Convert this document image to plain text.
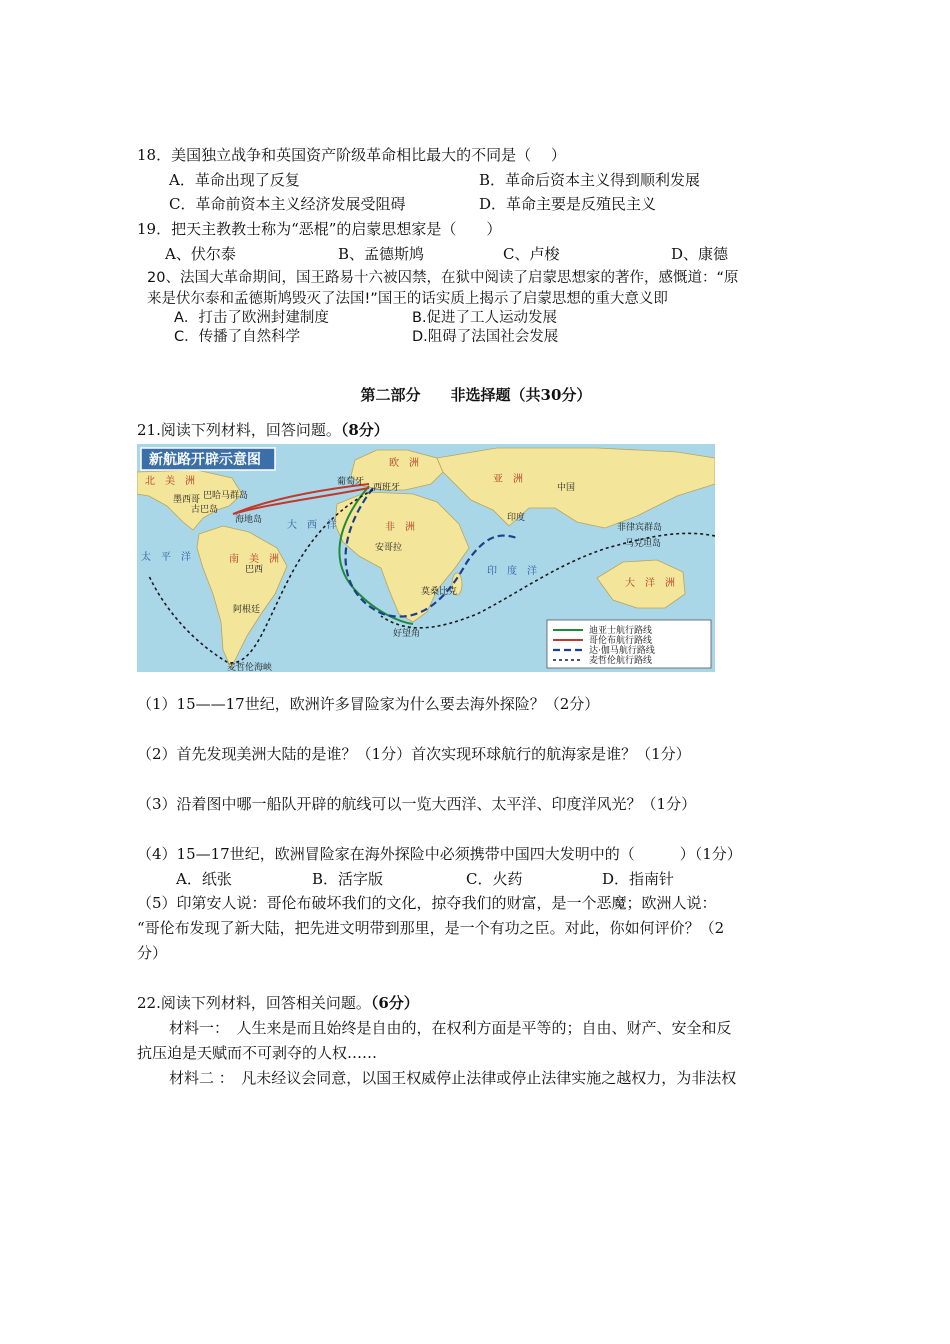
18．美国独立战争和英国资产阶级革命相比最大的不同是（　 ）
A．革命出现了反复	B．革命后资本主义得到顺利发展
C．革命前资本主义经济发展受阻碍	D．革命主要是反殖民主义
19．把天主教教士称为“恶棍”的启蒙思想家是（　　）
A、伏尔泰	B、孟德斯鸠	C、卢梭	D、康德
20、法国大革命期间，国王路易十六被囚禁，在狱中阅读了启蒙思想家的著作，感慨道：“原
来是伏尔泰和孟德斯鸠毁灭了法国!”国王的话实质上揭示了启蒙思想的重大意义即
A．打击了欧洲封建制度	B.促进了工人运动发展
C．传播了自然科学	D.阻碍了法国社会发展
第二部分　　非选择题（共30分）
21.阅读下列材料，回答问题。（8分）
新航路开辟示意图	欧　洲
亚　洲
非　洲
北　美　洲
南　美　洲
大　洋　洲
大　西　洋
太　平　洋
印　度　洋
葡萄牙
西班牙	中国
印度
菲律宾群岛
马克坦岛
好望角
麦哲伦海峡
巴哈马群岛
古巴岛
海地岛
墨西哥
巴西
阿根廷
安哥拉
莫桑比克
迪亚士航行路线
哥伦布航行路线
达·伽马航行路线
麦哲伦航行路线
（1）15——17世纪，欧洲许多冒险家为什么要去海外探险？（2分）
（2）首先发现美洲大陆的是谁？（1分）首次实现环球航行的航海家是谁？（1分）
（3）沿着图中哪一船队开辟的航线可以一览大西洋、太平洋、印度洋风光？（1分）
（4）15—17世纪，欧洲冒险家在海外探险中必须携带中国四大发明中的（　　　）（1分）
A．纸张	B．活字版	C．火药	D．指南针
（5）印第安人说：哥伦布破坏我们的文化，掠夺我们的财富，是一个恶魔；欧洲人说：
“哥伦布发现了新大陆，把先进文明带到那里，是一个有功之臣。对此，你如何评价？（2
分）
22.阅读下列材料，回答相关问题。（6分）
材料一：　人生来是而且始终是自由的，在权利方面是平等的；自由、财产、安全和反
抗压迫是天赋而不可剥夺的人权……
材料二 ：　凡未经议会同意，以国王权威停止法律或停止法律实施之越权力，为非法权
